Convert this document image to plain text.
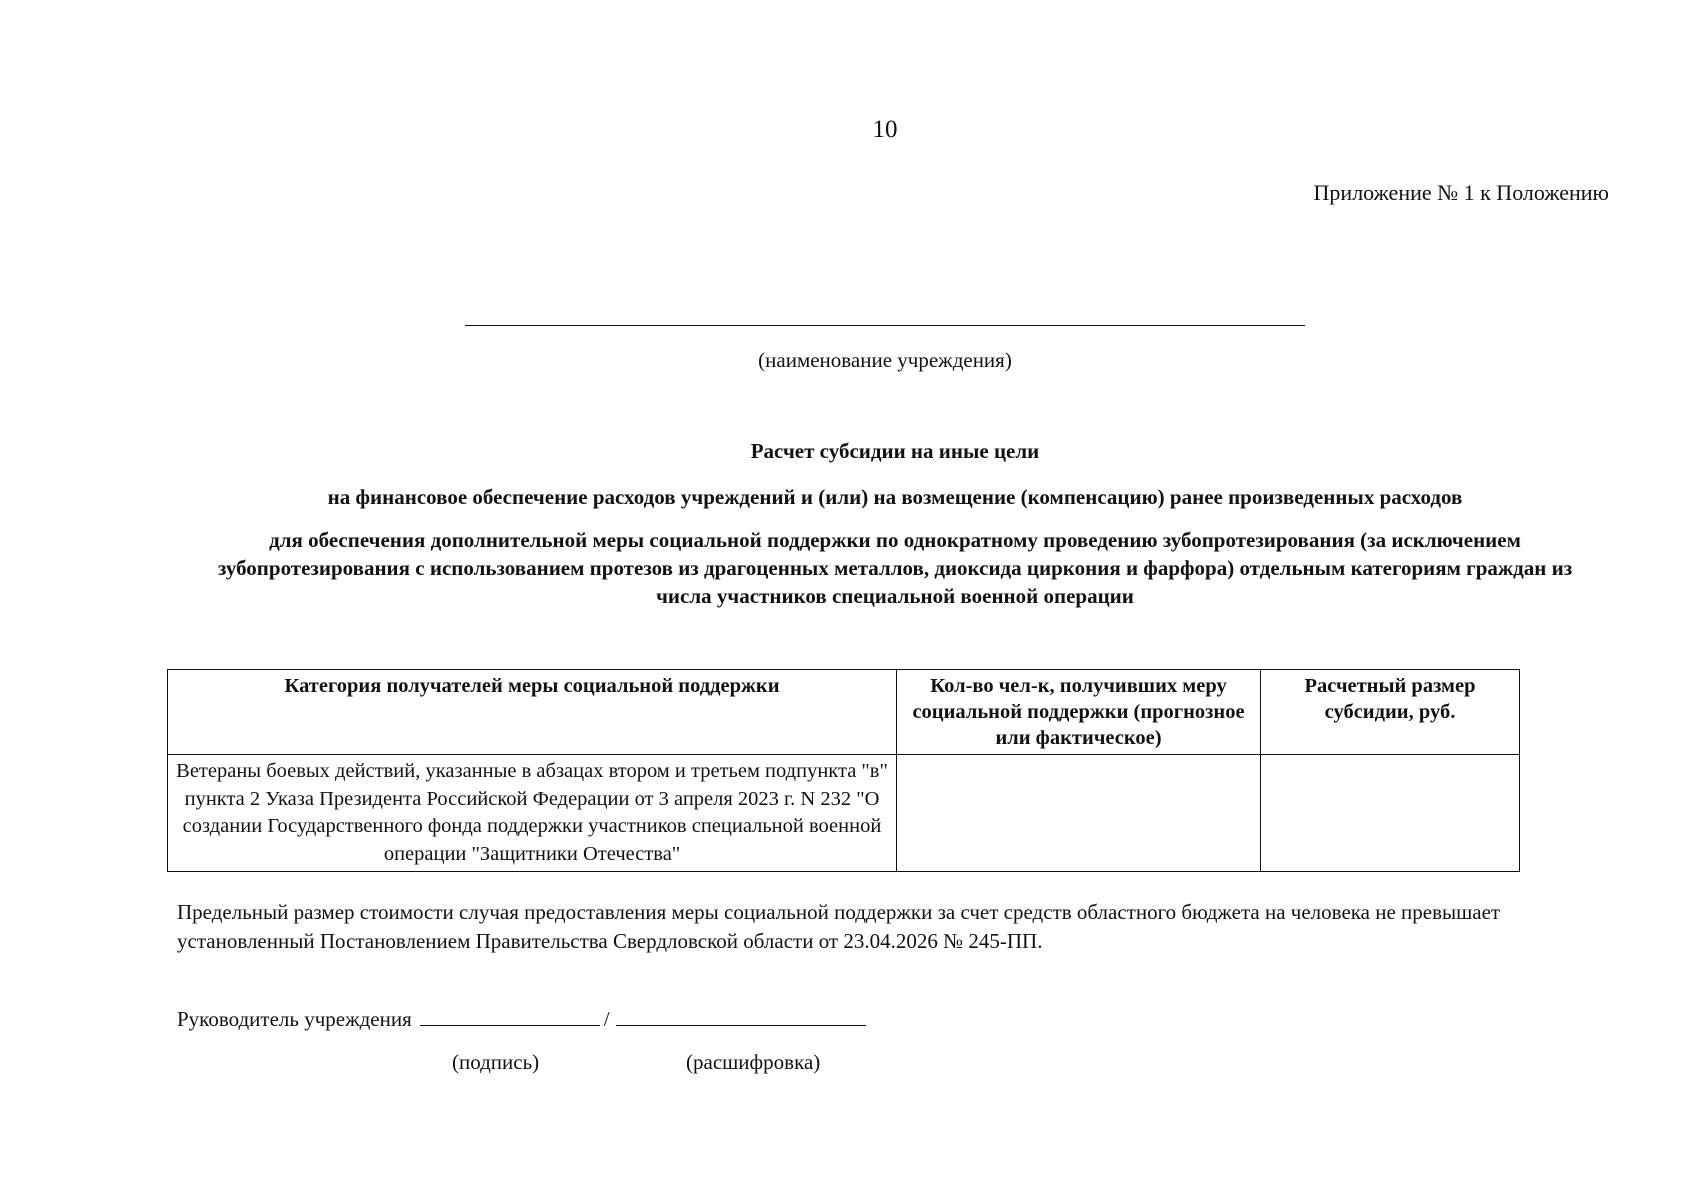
10
Приложение № 1 к Положению
(наименование учреждения)
Расчет субсидии на иные цели
на финансовое обеспечение расходов учреждений и (или) на возмещение (компенсацию) ранее произведенных расходов
для обеспечения дополнительной меры социальной поддержки по однократному проведению зубопротезирования (за исключением зубопротезирования с использованием протезов из драгоценных металлов, диоксида циркония и фарфора) отдельным категориям граждан из числа участников специальной военной операции
Категория получателей меры социальной поддержки	Кол-во чел-к, получивших меру социальной поддержки (прогнозное или фактическое)	Расчетный размер субсидии, руб.
Ветераны боевых действий, указанные в абзацах втором и третьем подпункта "в" пункта 2 Указа Президента Российской Федерации от 3 апреля 2023 г. N 232 "О создании Государственного фонда поддержки участников специальной военной операции "Защитники Отечества"		
Предельный размер стоимости случая предоставления меры социальной поддержки за счет средств областного бюджета на человека не превышает установленный Постановлением Правительства Свердловской области от 23.04.2026 № 245-ПП.
Руководитель учреждения	/
(подпись)	(расшифровка)
